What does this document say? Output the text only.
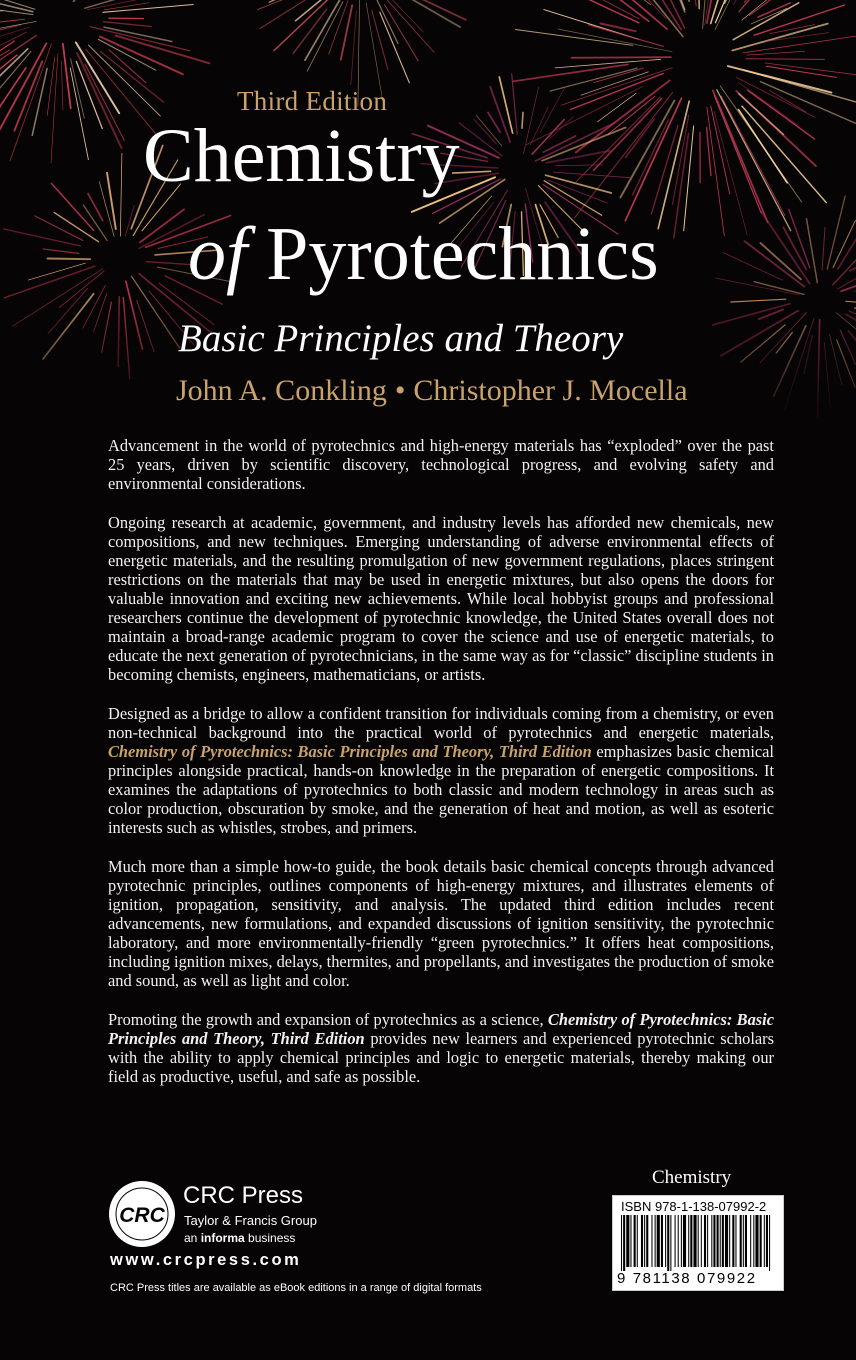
Third Edition
Chemistry
of Pyrotechnics
Basic Principles and Theory
John A. Conkling • Christopher J. Mocella

Advancement in the world of pyrotechnics and high-energy materials has “exploded” over the past 25 years, driven by scientific discovery, technological progress, and evolving safety and environmental considerations.

Ongoing research at academic, government, and industry levels has afforded new chemicals, new compositions, and new techniques. Emerging understanding of adverse environmental effects of energetic materials, and the resulting promulgation of new government regulations, places stringent restrictions on the materials that may be used in energetic mixtures, but also opens the doors for valuable innovation and exciting new achievements. While local hobbyist groups and professional researchers continue the development of pyrotechnic knowledge, the United States overall does not maintain a broad-range academic program to cover the science and use of energetic materials, to educate the next generation of pyrotechnicians, in the same way as for “classic” discipline students in becoming chemists, engineers, mathematicians, or artists.

Designed as a bridge to allow a confident transition for individuals coming from a chemistry, or even non-technical background into the practical world of pyrotechnics and energetic materials, Chemistry of Pyrotechnics: Basic Principles and Theory, Third Edition emphasizes basic chemical principles alongside practical, hands-on knowledge in the preparation of energetic compositions. It examines the adaptations of pyrotechnics to both classic and modern technology in areas such as color production, obscuration by smoke, and the generation of heat and motion, as well as esoteric interests such as whistles, strobes, and primers.

Much more than a simple how-to guide, the book details basic chemical concepts through advanced pyrotechnic principles, outlines components of high-energy mixtures, and illustrates elements of ignition, propagation, sensitivity, and analysis. The updated third edition includes recent advancements, new formulations, and expanded discussions of ignition sensitivity, the pyrotechnic laboratory, and more environmentally-friendly “green pyrotechnics.” It offers heat compositions, including ignition mixes, delays, thermites, and propellants, and investigates the production of smoke and sound, as well as light and color.

Promoting the growth and expansion of pyrotechnics as a science, Chemistry of Pyrotechnics: Basic Principles and Theory, Third Edition provides new learners and experienced pyrotechnic scholars with the ability to apply chemical principles and logic to energetic materials, thereby making our field as productive, useful, and safe as possible.

CRC
CRC Press
Taylor & Francis Group
an informa business
www.crcpress.com
CRC Press titles are available as eBook editions in a range of digital formats
Chemistry
ISBN 978-1-138-07992-2
9 781138 079922
